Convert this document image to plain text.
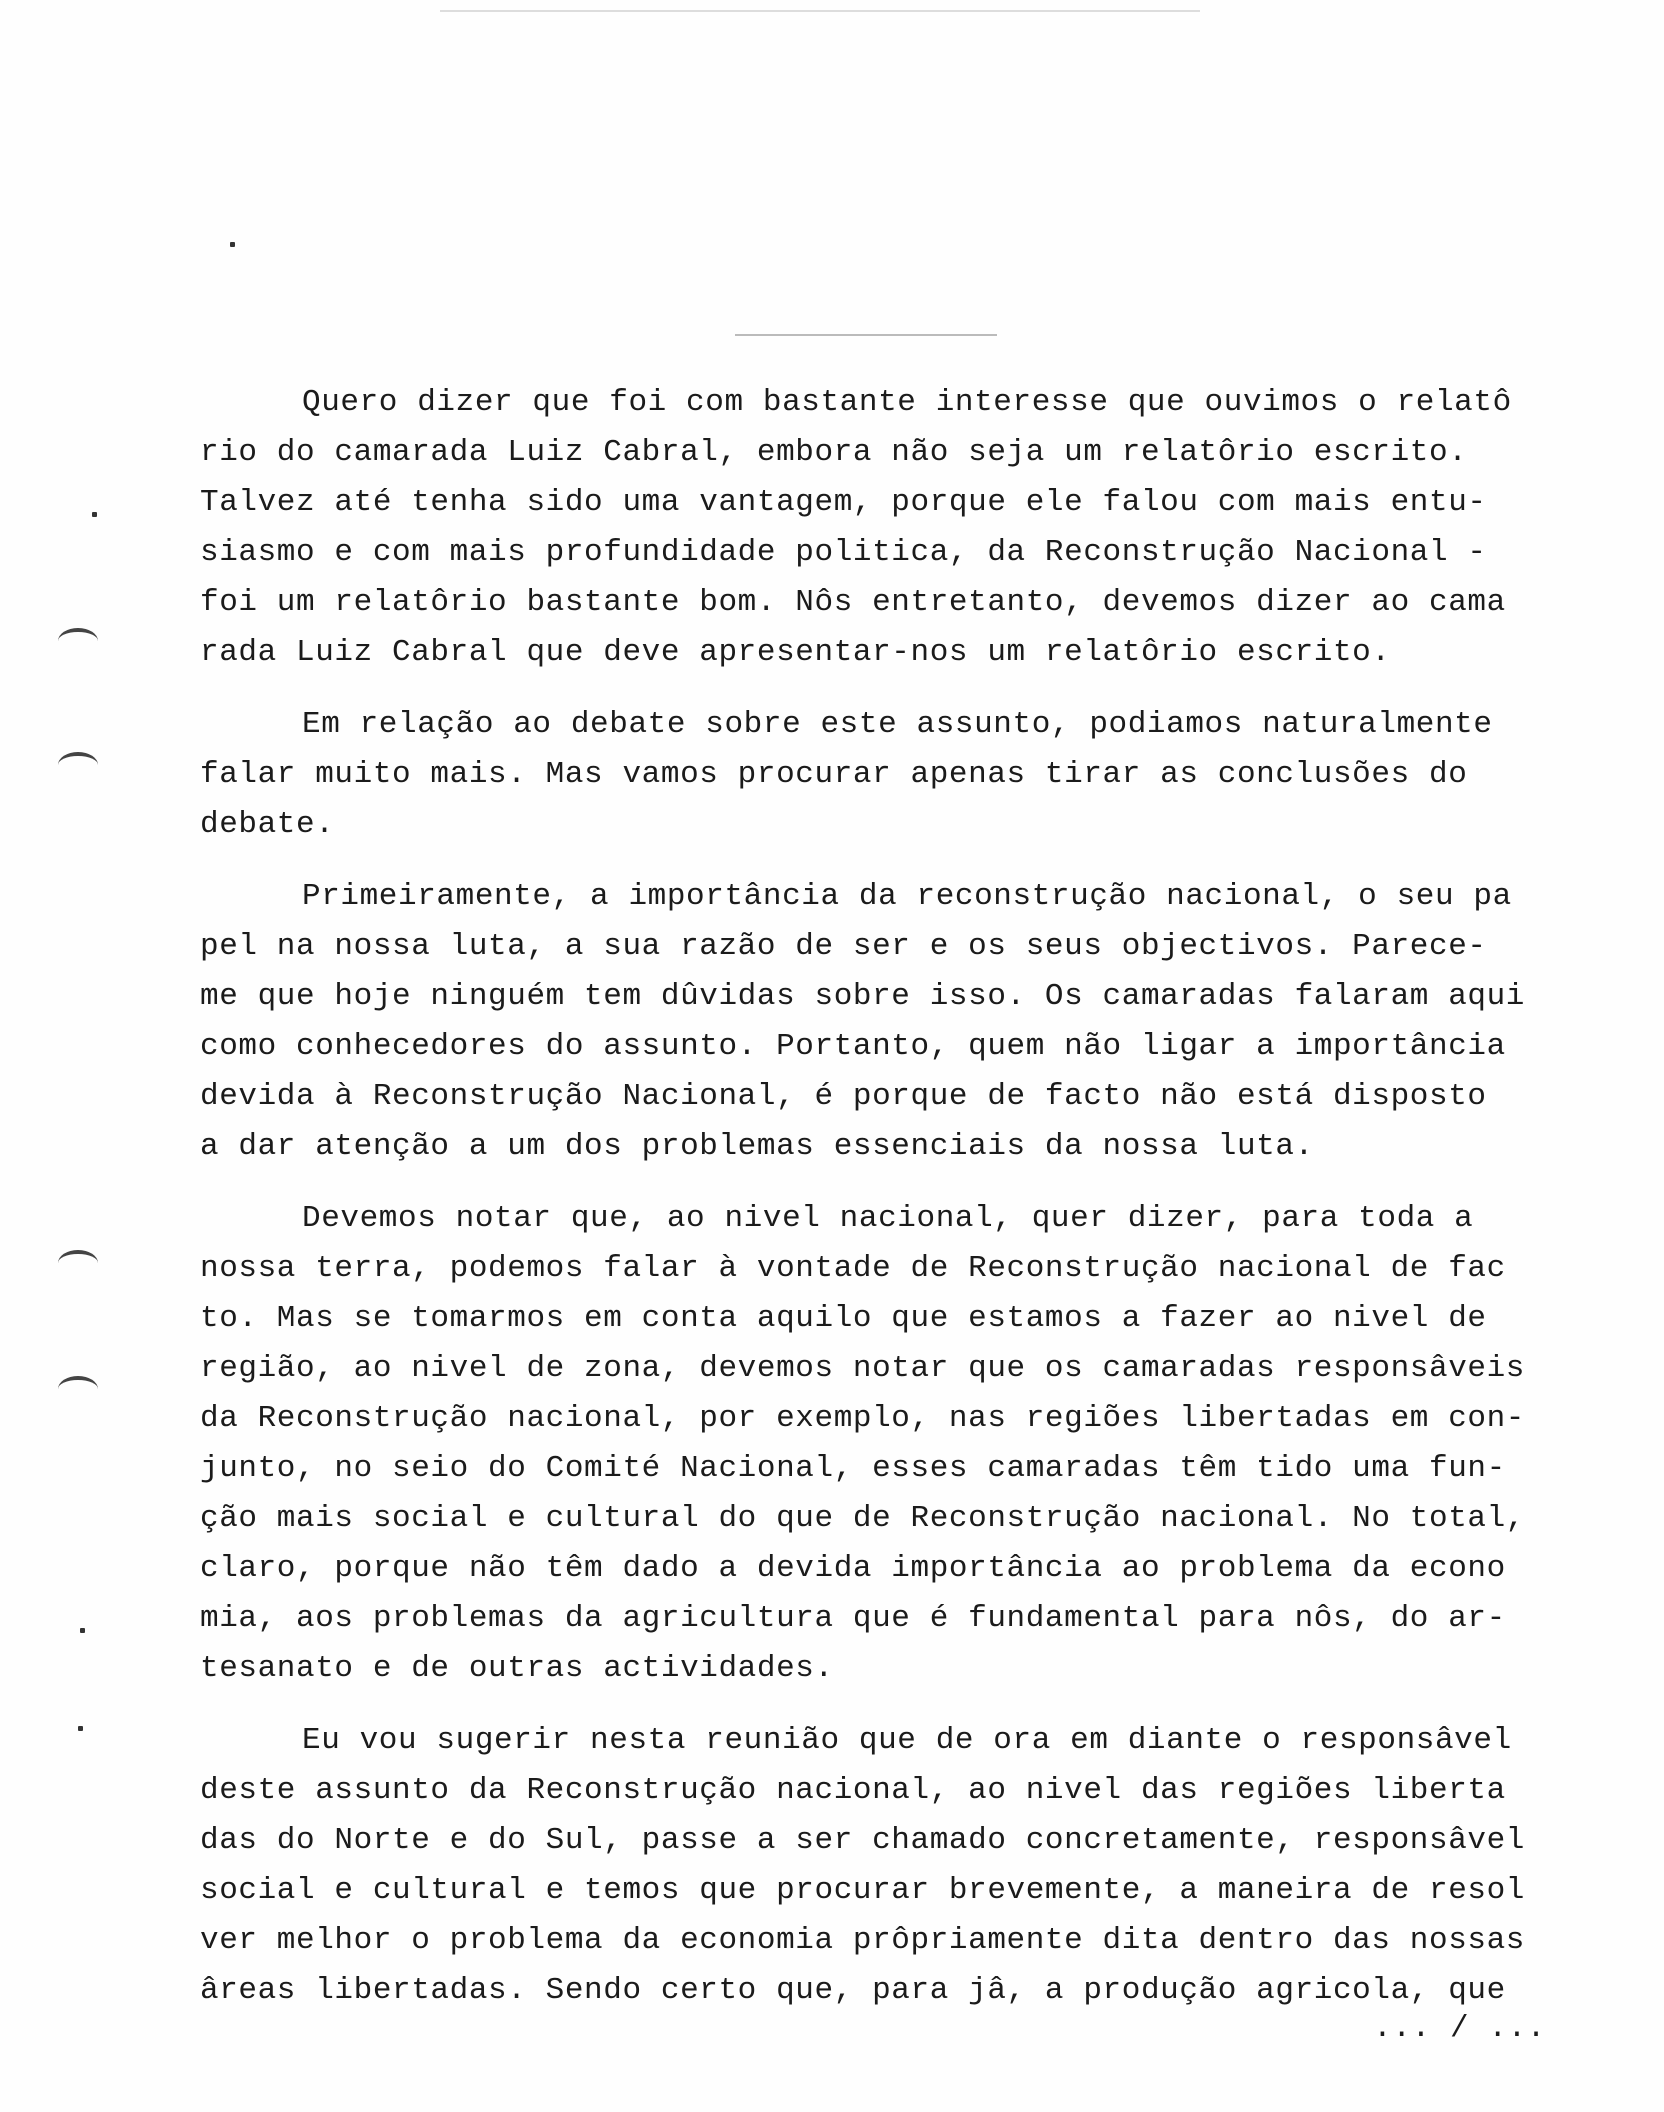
Quero dizer que foi com bastante interesse que ouvimos o relatô
rio do camarada Luiz Cabral, embora não seja um relatôrio escrito.
Talvez até tenha sido uma vantagem, porque ele falou com mais entu-
siasmo e com mais profundidade politica, da Reconstrução Nacional -
foi um relatôrio bastante bom. Nôs entretanto, devemos dizer ao cama
rada Luiz Cabral que deve apresentar-nos um relatôrio escrito.
Em relação ao debate sobre este assunto, podiamos naturalmente
falar muito mais. Mas vamos procurar apenas tirar as conclusões do
debate.
Primeiramente, a importância da reconstrução nacional, o seu pa
pel na nossa luta, a sua razão de ser e os seus objectivos. Parece-
me que hoje ninguém tem dûvidas sobre isso. Os camaradas falaram aqui
como conhecedores do assunto. Portanto, quem não ligar a importância
devida à Reconstrução Nacional, é porque de facto não está disposto
a dar atenção a um dos problemas essenciais da nossa luta.
Devemos notar que, ao nivel nacional, quer dizer, para toda a
nossa terra, podemos falar à vontade de Reconstrução nacional de fac
to. Mas se tomarmos em conta aquilo que estamos a fazer ao nivel de
região, ao nivel de zona, devemos notar que os camaradas responsâveis
da Reconstrução nacional, por exemplo, nas regiões libertadas em con-
junto, no seio do Comité Nacional, esses camaradas têm tido uma fun-
ção mais social e cultural do que de Reconstrução nacional. No total,
claro, porque não têm dado a devida importância ao problema da econo
mia, aos problemas da agricultura que é fundamental para nôs, do ar-
tesanato e de outras actividades.
Eu vou sugerir nesta reunião que de ora em diante o responsâvel
deste assunto da Reconstrução nacional, ao nivel das regiões liberta
das do Norte e do Sul, passe a ser chamado concretamente, responsâvel
social e cultural e temos que procurar brevemente, a maneira de resol
ver melhor o problema da economia prôpriamente dita dentro das nossas
âreas libertadas. Sendo certo que, para jâ, a produção agricola, que
... / ...
